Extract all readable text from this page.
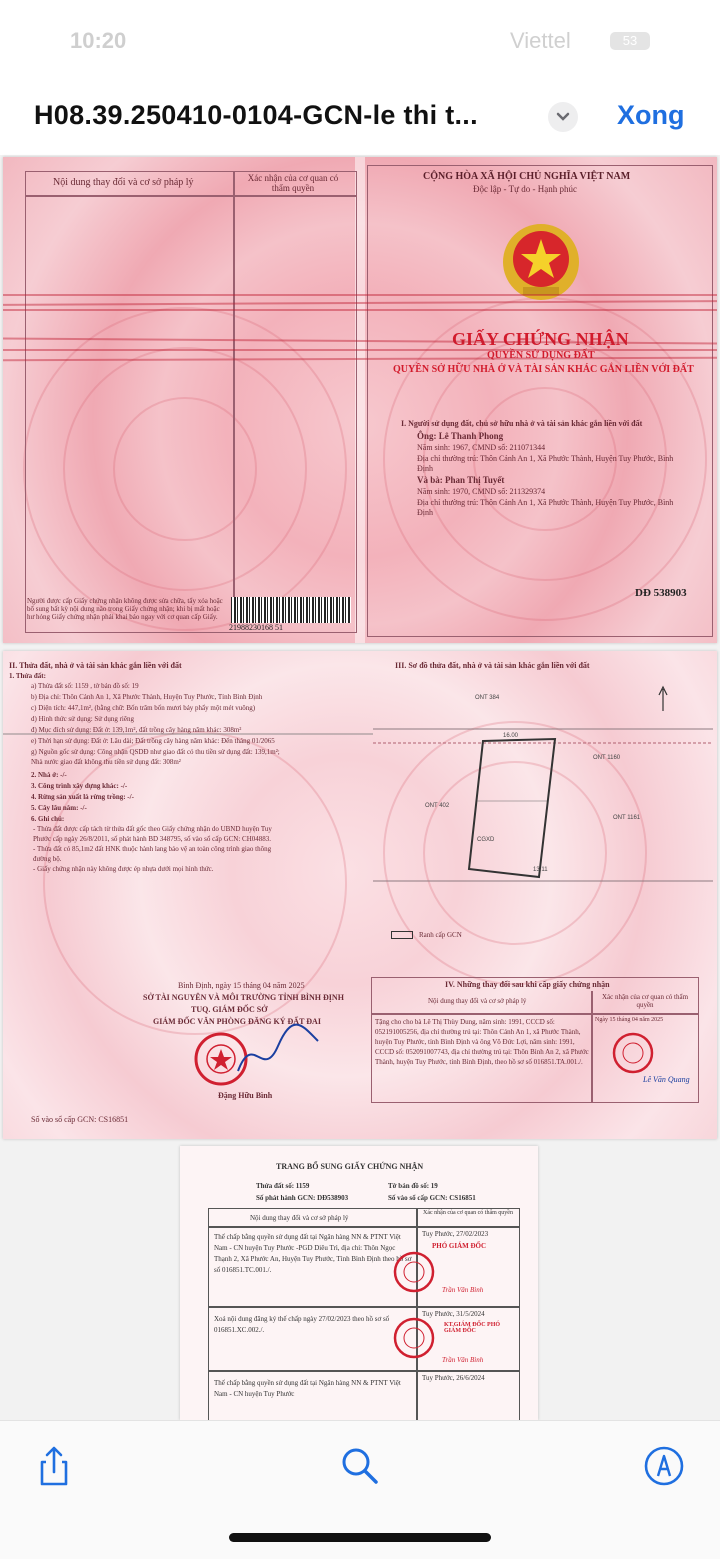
10:20	Viettel	53
H08.39.250410-0104-GCN-le thi t...	Xong
Nội dung thay đổi và cơ sở pháp lý	Xác nhận của cơ quan có thẩm quyền
Người được cấp Giấy chứng nhận không được sửa chữa, tẩy xóa hoặc bổ sung bất kỳ nội dung nào trong Giấy chứng nhận; khi bị mất hoặc hư hỏng Giấy chứng nhận phải khai báo ngay với cơ quan cấp Giấy.
21988230168 51
CỘNG HÒA XÃ HỘI CHỦ NGHĨA VIỆT NAM
Độc lập - Tự do - Hạnh phúc
GIẤY CHỨNG NHẬN
QUYỀN SỬ DỤNG ĐẤT
QUYỀN SỞ HỮU NHÀ Ở VÀ TÀI SẢN KHÁC GẮN LIỀN VỚI ĐẤT
I. Người sử dụng đất, chủ sở hữu nhà ở và tài sản khác gắn liền với đất
Ông: Lê Thanh Phong
Năm sinh: 1967, CMND số: 211071344
Địa chỉ thường trú: Thôn Cảnh An 1, Xã Phước Thành, Huyện Tuy Phước, Bình
Định
Và bà: Phan Thị Tuyết
Năm sinh: 1970, CMND số: 211329374
Địa chỉ thường trú: Thôn Cảnh An 1, Xã Phước Thành, Huyện Tuy Phước, Bình
Định
DĐ 538903
II. Thửa đất, nhà ở và tài sản khác gắn liền với đất
1. Thửa đất:
a) Thửa đất số: 1159 , tờ bản đồ số: 19
b) Địa chỉ: Thôn Cảnh An 1, Xã Phước Thành, Huyện Tuy Phước, Tỉnh Bình Định
c) Diện tích: 447,1m², (bằng chữ: Bốn trăm bốn mươi bảy phẩy một mét vuông)
d) Hình thức sử dụng: Sử dụng riêng
đ) Mục đích sử dụng: Đất ở: 139,1m², đất trồng cây hàng năm khác: 308m²
e) Thời hạn sử dụng: Đất ở: Lâu dài; Đất trồng cây hàng năm khác: Đến tháng 01/2065
g) Nguồn gốc sử dụng: Công nhận QSDĐ như giao đất có thu tiền sử dụng đất: 139,1m²;
Nhà nước giao đất không thu tiền sử dụng đất: 308m²
2. Nhà ở: -/-
3. Công trình xây dựng khác: -/-
4. Rừng sản xuất là rừng trồng: -/-
5. Cây lâu năm: -/-
6. Ghi chú:
- Thửa đất được cấp tách từ thửa đất gốc theo Giấy chứng nhận do UBND huyện Tuy
Phước cấp ngày 26/8/2011, số phát hành BD 348795, số vào sổ cấp GCN: CH04883.
- Thửa đất có 85,1m2 đất HNK thuộc hành lang bảo vệ an toàn công trình giao thông
đường bộ.
- Giấy chứng nhận này không được ép nhựa dưới mọi hình thức.
III. Sơ đồ thửa đất, nhà ở và tài sản khác gắn liền với đất
16.00
ONT 384
ONT 1160
ONT 402
ONT 1161
CGXD
13.11
Ranh cấp GCN
Bình Định, ngày 15 tháng 04 năm 2025
SỞ TÀI NGUYÊN VÀ MÔI TRƯỜNG TỈNH BÌNH ĐỊNH
TUQ. GIÁM ĐỐC SỞ
GIÁM ĐỐC VĂN PHÒNG ĐĂNG KÝ ĐẤT ĐAI
Đặng Hữu Bình
Số vào sổ cấp GCN: CS16851
IV. Những thay đổi sau khi cấp giấy chứng nhận
Nội dung thay đổi và cơ sở pháp lý	Xác nhận của cơ quan có thẩm quyền
Tặng cho cho bà Lê Thị Thùy Dung, năm sinh: 1991, CCCD số: 052191005256, địa chỉ thường trú tại: Thôn Cảnh An 1, xã Phước Thành, huyện Tuy Phước, tỉnh Bình Định và ông Võ Đức Lợi, năm sinh: 1991, CCCD số: 052091007743, địa chỉ thường trú tại: Thôn Bình An 2, xã Phước Thành, huyện Tuy Phước, tỉnh Bình Định, theo hồ sơ số 016851.TA.001./.
Ngày 15 tháng 04 năm 2025
Lê Văn Quang
TRANG BỔ SUNG GIẤY CHỨNG NHẬN
Thửa đất số: 1159	Tờ bản đồ số: 19
Số phát hành GCN: DĐ538903	Số vào sổ cấp GCN: CS16851
Nội dung thay đổi và cơ sở pháp lý
Xác nhận của cơ quan có thẩm quyền
Thế chấp bằng quyền sử dụng đất tại Ngân hàng NN & PTNT Việt Nam - CN huyện Tuy Phước -PGD Diêu Trì, địa chỉ: Thôn Ngọc Thạnh 2, Xã Phước An, Huyện Tuy Phước, Tỉnh Bình Định theo hồ sơ số 016851.TC.001./.
Tuy Phước, 27/02/2023
PHÓ GIÁM ĐỐC
Trần Văn Bình
Xoá nội dung đăng ký thế chấp ngày 27/02/2023 theo hồ sơ số 016851.XC.002./.
Tuy Phước, 31/5/2024
KT.GIÁM ĐỐC PHÓ GIÁM ĐỐC
Trần Văn Bình
Thế chấp bằng quyền sử dụng đất tại Ngân hàng NN & PTNT Việt Nam - CN huyện Tuy Phước
Tuy Phước, 26/6/2024
